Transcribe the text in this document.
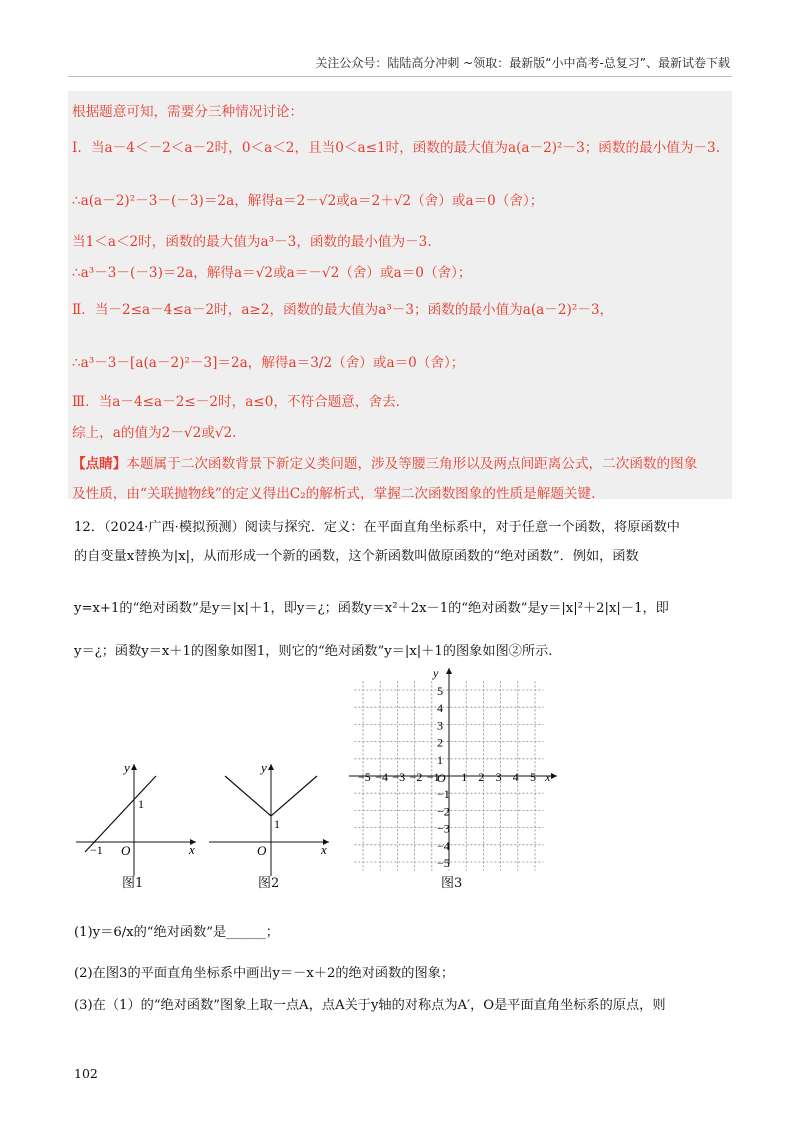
关注公众号：陆陆高分冲刺 ~领取：最新版“小中高考-总复习”、最新试卷下载
根据题意可知，需要分三种情况讨论：
Ⅰ．当a－4＜－2＜a－2时，0＜a＜2，且当0＜a≤1时，函数的最大值为a(a－2)²－3；函数的最小值为－3.
∴a(a－2)²－3－(－3)＝2a，解得a＝2－√2或a＝2＋√2（舍）或a＝0（舍）；
当1＜a＜2时，函数的最大值为a³－3，函数的最小值为－3.
∴a³－3－(－3)＝2a，解得a＝√2或a＝－√2（舍）或a＝0（舍）；
Ⅱ．当－2≤a－4≤a－2时，a≥2，函数的最大值为a³－3；函数的最小值为a(a－2)²－3，
∴a³－3－[a(a－2)²－3]＝2a，解得a＝3/2（舍）或a＝0（舍）；
Ⅲ．当a－4≤a－2≤－2时，a≤0，不符合题意，舍去.
综上，a的值为2－√2或√2.
【点睛】本题属于二次函数背景下新定义类问题，涉及等腰三角形以及两点间距离公式，二次函数的图象
及性质，由“关联抛物线”的定义得出C₂的解析式，掌握二次函数图象的性质是解题关键.
12．（2024·广西·模拟预测）阅读与探究．定义：在平面直角坐标系中，对于任意一个函数，将原函数中
的自变量x替换为|x|，从而形成一个新的函数，这个新函数叫做原函数的“绝对函数”．例如，函数
y=x+1的“绝对函数”是y＝|x|＋1，即y＝¿；函数y＝x²＋2x－1的“绝对函数”是y＝|x|²＋2|x|－1，即
y＝¿；函数y＝x＋1的图象如图1，则它的“绝对函数”y＝|x|＋1的图象如图②所示.
y
x
O
1
−1
图1
y
x
O
1
图2
y
x
O
−5 −4 −3 −2 −1 1 2 3 4 5
5
4
3
2
1
−1
−2
−3
−4
−5
图3
(1)y＝6/x的“绝对函数”是______；
(2)在图3的平面直角坐标系中画出y＝－x＋2的绝对函数的图象；
(3)在（1）的“绝对函数”图象上取一点A，点A关于y轴的对称点为A′，O是平面直角坐标系的原点，则
102
